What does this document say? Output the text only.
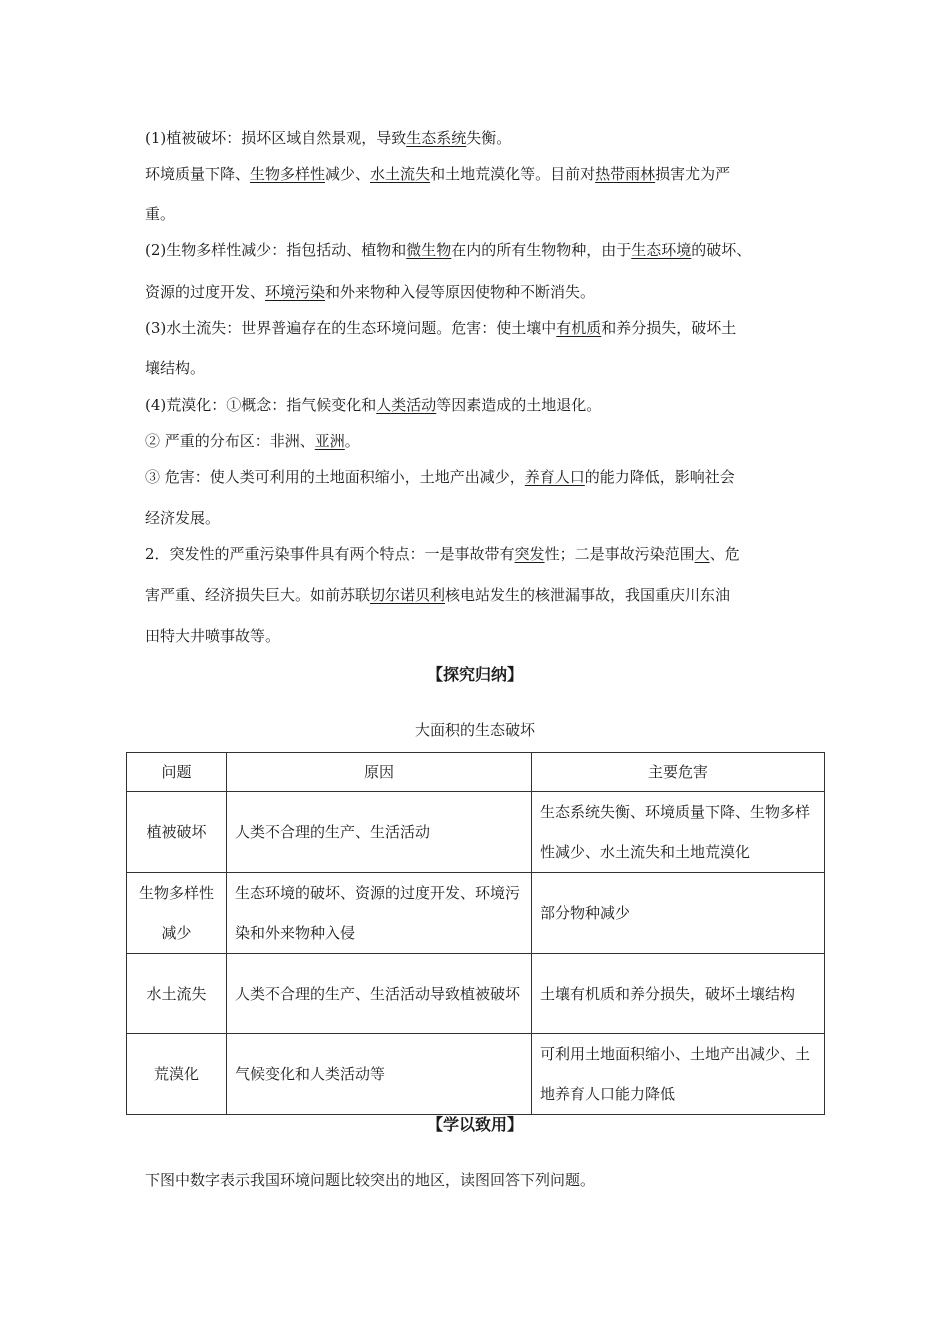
(1)植被破坏：损坏区域自然景观，导致生态系统失衡。
环境质量下降、生物多样性减少、水土流失和土地荒漠化等。目前对热带雨林损害尤为严
重。
(2)生物多样性减少：指包括动、植物和微生物在内的所有生物物种，由于生态环境的破坏、
资源的过度开发、环境污染和外来物种入侵等原因使物种不断消失。
(3)水土流失：世界普遍存在的生态环境问题。危害：使土壤中有机质和养分损失，破坏土
壤结构。
(4)荒漠化：①概念：指气候变化和人类活动等因素造成的土地退化。
② 严重的分布区：非洲、亚洲。
③ 危害：使人类可利用的土地面积缩小，土地产出减少，养育人口的能力降低，影响社会
经济发展。
2．突发性的严重污染事件具有两个特点：一是事故带有突发性；二是事故污染范围大、危
害严重、经济损失巨大。如前苏联切尔诺贝利核电站发生的核泄漏事故，我国重庆川东油
田特大井喷事故等。
【探究归纳】
大面积的生态破坏
问题	原因	主要危害
植被破坏	人类不合理的生产、生活活动	生态系统失衡、环境质量下降、生物多样性减少、水土流失和土地荒漠化
生物多样性减少	生态环境的破坏、资源的过度开发、环境污染和外来物种入侵	部分物种减少
水土流失	人类不合理的生产、生活活动导致植被破坏	土壤有机质和养分损失，破坏土壤结构
荒漠化	气候变化和人类活动等	可利用土地面积缩小、土地产出减少、土地养育人口能力降低
【学以致用】
下图中数字表示我国环境问题比较突出的地区，读图回答下列问题。
